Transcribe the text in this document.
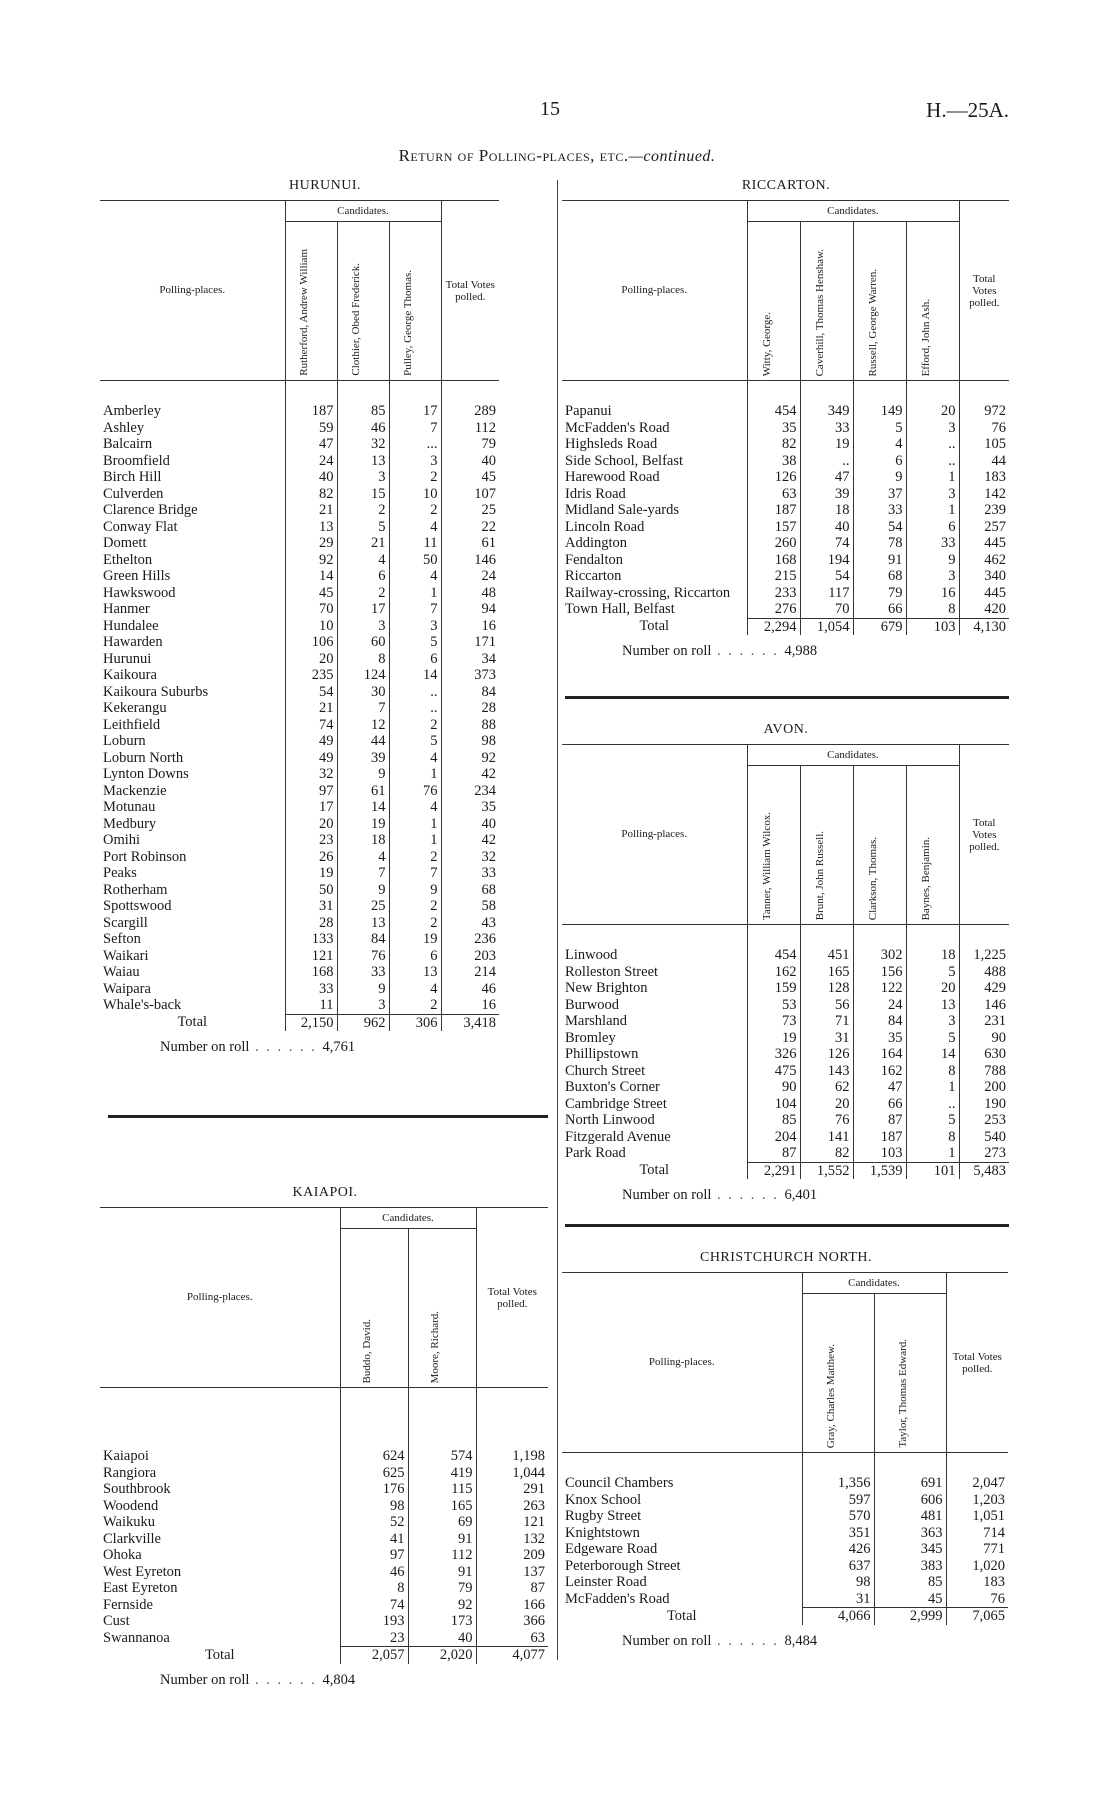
15	H.—25A.
Return of Polling-places, etc.—continued.
HURUNUI.
Polling-places.	Candidates.			Total Votes polled.

	Rutherford, Andrew William	Clothier, Obed Frederick.	Pulley, George Thomas.	

Amberley	187	85	17	289
Ashley	59	46	7	112
Balcairn	47	32	...	79
Broomfield	24	13	3	40
Birch Hill	40	3	2	45
Culverden	82	15	10	107
Clarence Bridge	21	2	2	25
Conway Flat	13	5	4	22
Domett	29	21	11	61
Ethelton	92	4	50	146
Green Hills	14	6	4	24
Hawkswood	45	2	1	48
Hanmer	70	17	7	94
Hundalee	10	3	3	16
Hawarden	106	60	5	171
Hurunui	20	8	6	34
Kaikoura	235	124	14	373
Kaikoura Suburbs	54	30	..	84
Kekerangu	21	7	..	28
Leithfield	74	12	2	88
Loburn	49	44	5	98
Loburn North	49	39	4	92
Lynton Downs	32	9	1	42
Mackenzie	97	61	76	234
Motunau	17	14	4	35
Medbury	20	19	1	40
Omihi	23	18	1	42
Port Robinson	26	4	2	32
Peaks	19	7	7	33
Rotherham	50	9	9	68
Spottswood	31	25	2	58
Scargill	28	13	2	43
Sefton	133	84	19	236
Waikari	121	76	6	203
Waiau	168	33	13	214
Waipara	33	9	4	46
Whale's-back	11	3	2	16
Total	2,150	962	306	3,418
Number on roll . . . . . . 4,761
KAIAPOI.
Polling-places.	Candidates.		Total Votes polled.

	Buddo, David.	Moore, Richard.	

Kaiapoi	624	574	1,198
Rangiora	625	419	1,044
Southbrook	176	115	291
Woodend	98	165	263
Waikuku	52	69	121
Clarkville	41	91	132
Ohoka	97	112	209
West Eyreton	46	91	137
East Eyreton	8	79	87
Fernside	74	92	166
Cust	193	173	366
Swannanoa	23	40	63
Total	2,057	2,020	4,077
Number on roll . . . . . . 4,804
RICCARTON.
Polling-places.	Candidates.				Total Votes polled.

	Witty, George.	Caverhill, Thomas Henshaw.	Russell, George Warren.	Efford, John Ash.	

Papanui	454	349	149	20	972
McFadden's Road	35	33	5	3	76
Highsleds Road	82	19	4	..	105
Side School, Belfast	38	..	6	..	44
Harewood Road	126	47	9	1	183
Idris Road	63	39	37	3	142
Midland Sale-yards	187	18	33	1	239
Lincoln Road	157	40	54	6	257
Addington	260	74	78	33	445
Fendalton	168	194	91	9	462
Riccarton	215	54	68	3	340
Railway-crossing, Riccarton	233	117	79	16	445
Town Hall, Belfast	276	70	66	8	420
Total	2,294	1,054	679	103	4,130
Number on roll . . . . . . 4,988
AVON.
Polling-places.	Candidates.				Total Votes polled.

	Tanner, William Wilcox.	Brunt, John Russell.	Clarkson, Thomas.	Baynes, Benjamin.	

Linwood	454	451	302	18	1,225
Rolleston Street	162	165	156	5	488
New Brighton	159	128	122	20	429
Burwood	53	56	24	13	146
Marshland	73	71	84	3	231
Bromley	19	31	35	5	90
Phillipstown	326	126	164	14	630
Church Street	475	143	162	8	788
Buxton's Corner	90	62	47	1	200
Cambridge Street	104	20	66	..	190
North Linwood	85	76	87	5	253
Fitzgerald Avenue	204	141	187	8	540
Park Road	87	82	103	1	273
Total	2,291	1,552	1,539	101	5,483
Number on roll . . . . . . 6,401
CHRISTCHURCH NORTH.
Polling-places.	Candidates.		Total Votes polled.

	Gray, Charles Matthew.	Taylor, Thomas Edward.	

Council Chambers	1,356	691	2,047
Knox School	597	606	1,203
Rugby Street	570	481	1,051
Knightstown	351	363	714
Edgeware Road	426	345	771
Peterborough Street	637	383	1,020
Leinster Road	98	85	183
McFadden's Road	31	45	76
Total	4,066	2,999	7,065
Number on roll . . . . . . 8,484
